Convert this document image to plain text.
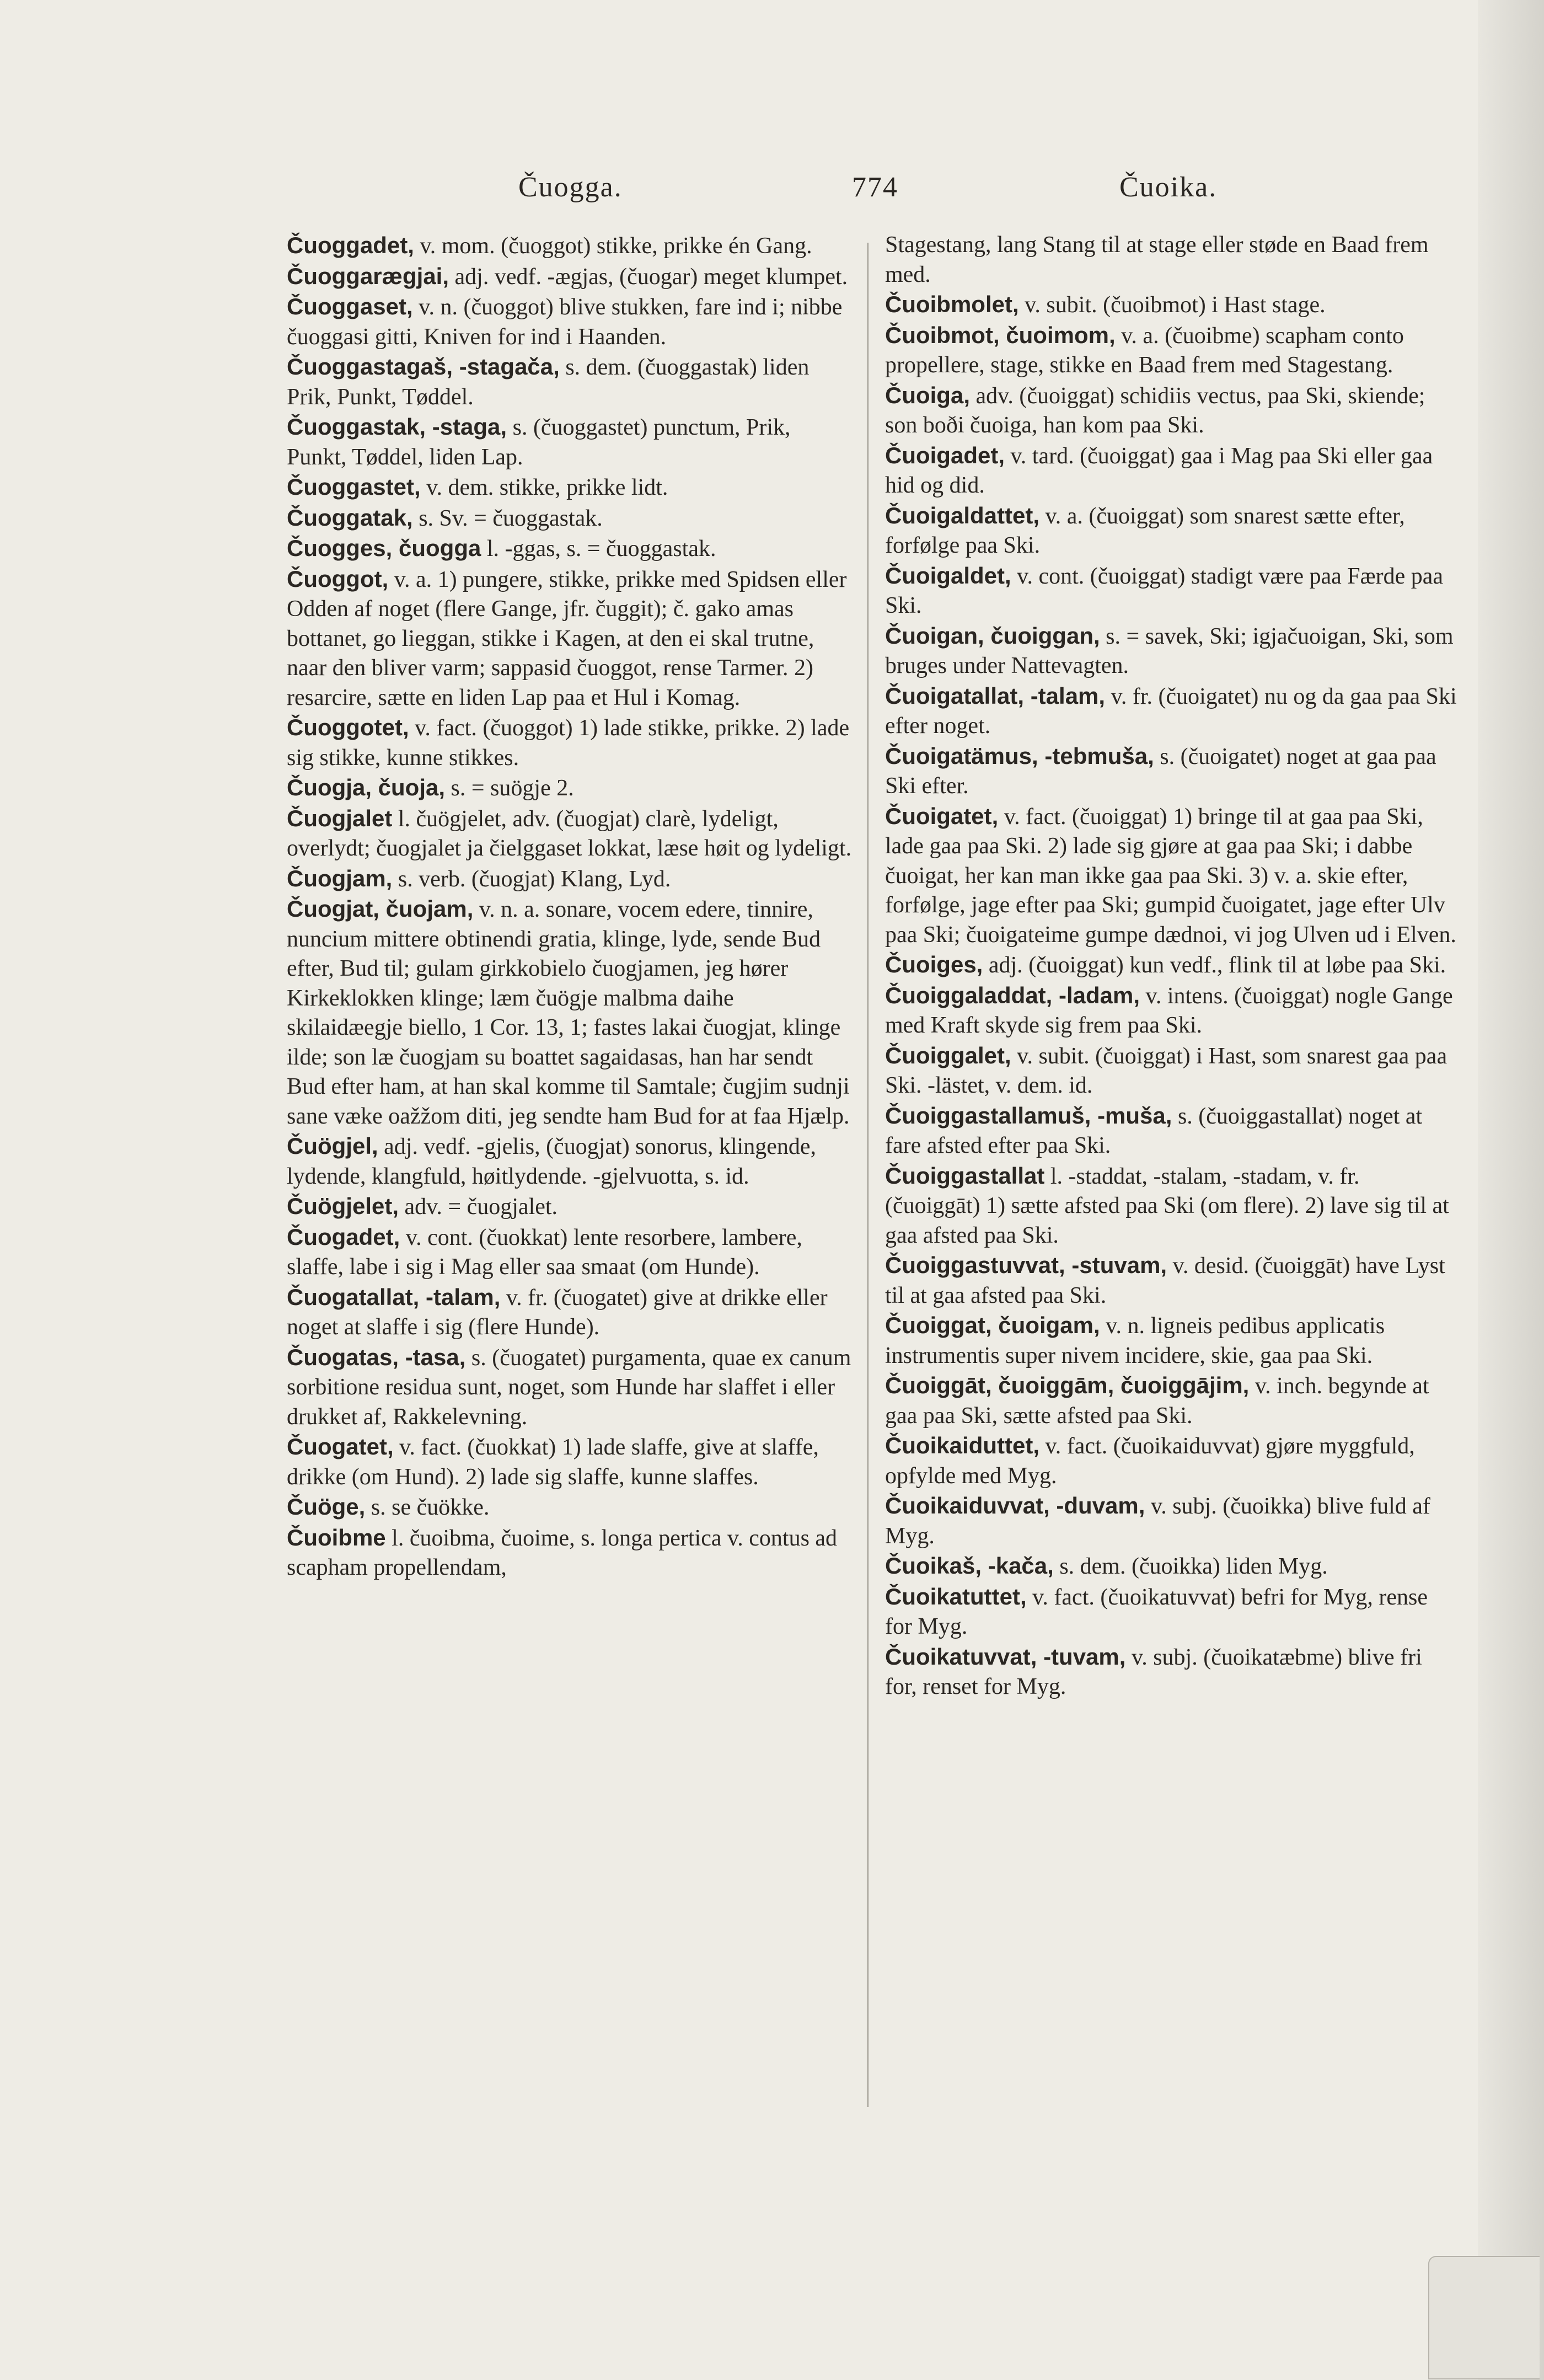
Čuogga.	774	Čuoika.

Čuoggadet, v. mom. (čuoggot) stikke, prikke én Gang.

Čuoggarægjai, adj. vedf. -ægjas, (čuogar) meget klumpet.

Čuoggaset, v. n. (čuoggot) blive stukken, fare ind i; nibbe čuoggasi gitti, Kniven for ind i Haanden.

Čuoggastagaš, -stagača, s. dem. (čuoggastak) liden Prik, Punkt, Tøddel.

Čuoggastak, -staga, s. (čuoggastet) punctum, Prik, Punkt, Tøddel, liden Lap.

Čuoggastet, v. dem. stikke, prikke lidt.

Čuoggatak, s. Sv. = čuoggastak.

Čuogges, čuogga l. -ggas, s. = čuoggastak.

Čuoggot, v. a. 1) pungere, stikke, prikke med Spidsen eller Odden af noget (flere Gange, jfr. čuggit); č. gako amas bottanet, go lieggan, stikke i Kagen, at den ei skal trutne, naar den bliver varm; sappasid čuoggot, rense Tarmer. 2) resarcire, sætte en liden Lap paa et Hul i Komag.

Čuoggotet, v. fact. (čuoggot) 1) lade stikke, prikke. 2) lade sig stikke, kunne stikkes.

Čuogja, čuoja, s. = suögje 2.

Čuogjalet l. čuögjelet, adv. (čuogjat) clarè, lydeligt, overlydt; čuogjalet ja čielggaset lokkat, læse høit og lydeligt.

Čuogjam, s. verb. (čuogjat) Klang, Lyd.

Čuogjat, čuojam, v. n. a. sonare, vocem edere, tinnire, nuncium mittere obtinendi gratia, klinge, lyde, sende Bud efter, Bud til; gulam girkkobielo čuogjamen, jeg hører Kirkeklokken klinge; læm čuögje malbma daihe skilaidæegje biello, 1 Cor. 13, 1; fastes lakai čuogjat, klinge ilde; son læ čuogjam su boattet sagaidasas, han har sendt Bud efter ham, at han skal komme til Samtale; čugjim sudnji sane væke oažžom diti, jeg sendte ham Bud for at faa Hjælp.

Čuögjel, adj. vedf. -gjelis, (čuogjat) sonorus, klingende, lydende, klangfuld, høitlydende. -gjelvuotta, s. id.

Čuögjelet, adv. = čuogjalet.

Čuogadet, v. cont. (čuokkat) lente resorbere, lambere, slaffe, labe i sig i Mag eller saa smaat (om Hunde).

Čuogatallat, -talam, v. fr. (čuogatet) give at drikke eller noget at slaffe i sig (flere Hunde).

Čuogatas, -tasa, s. (čuogatet) purgamenta, quae ex canum sorbitione residua sunt, noget, som Hunde har slaffet i eller drukket af, Rakkelevning.

Čuogatet, v. fact. (čuokkat) 1) lade slaffe, give at slaffe, drikke (om Hund). 2) lade sig slaffe, kunne slaffes.

Čuöge, s. se čuökke.

Čuoibme l. čuoibma, čuoime, s. longa pertica v. contus ad scapham propellendam,

Stagestang, lang Stang til at stage eller støde en Baad frem med.

Čuoibmolet, v. subit. (čuoibmot) i Hast stage.

Čuoibmot, čuoimom, v. a. (čuoibme) scapham conto propellere, stage, stikke en Baad frem med Stagestang.

Čuoiga, adv. (čuoiggat) schidiis vectus, paa Ski, skiende; son boði čuoiga, han kom paa Ski.

Čuoigadet, v. tard. (čuoiggat) gaa i Mag paa Ski eller gaa hid og did.

Čuoigaldattet, v. a. (čuoiggat) som snarest sætte efter, forfølge paa Ski.

Čuoigaldet, v. cont. (čuoiggat) stadigt være paa Færde paa Ski.

Čuoigan, čuoiggan, s. = savek, Ski; igjačuoigan, Ski, som bruges under Nattevagten.

Čuoigatallat, -talam, v. fr. (čuoigatet) nu og da gaa paa Ski efter noget.

Čuoigatämus, -tebmuša, s. (čuoigatet) noget at gaa paa Ski efter.

Čuoigatet, v. fact. (čuoiggat) 1) bringe til at gaa paa Ski, lade gaa paa Ski. 2) lade sig gjøre at gaa paa Ski; i dabbe čuoigat, her kan man ikke gaa paa Ski. 3) v. a. skie efter, forfølge, jage efter paa Ski; gumpid čuoigatet, jage efter Ulv paa Ski; čuoigateime gumpe dædnoi, vi jog Ulven ud i Elven.

Čuoiges, adj. (čuoiggat) kun vedf., flink til at løbe paa Ski.

Čuoiggaladdat, -ladam, v. intens. (čuoiggat) nogle Gange med Kraft skyde sig frem paa Ski.

Čuoiggalet, v. subit. (čuoiggat) i Hast, som snarest gaa paa Ski. -lästet, v. dem. id.

Čuoiggastallamuš, -muša, s. (čuoiggastallat) noget at fare afsted efter paa Ski.

Čuoiggastallat l. -staddat, -stalam, -stadam, v. fr. (čuoiggāt) 1) sætte afsted paa Ski (om flere). 2) lave sig til at gaa afsted paa Ski.

Čuoiggastuvvat, -stuvam, v. desid. (čuoiggāt) have Lyst til at gaa afsted paa Ski.

Čuoiggat, čuoigam, v. n. ligneis pedibus applicatis instrumentis super nivem incidere, skie, gaa paa Ski.

Čuoiggāt, čuoiggām, čuoiggājim, v. inch. begynde at gaa paa Ski, sætte afsted paa Ski.

Čuoikaiduttet, v. fact. (čuoikaiduvvat) gjøre myggfuld, opfylde med Myg.

Čuoikaiduvvat, -duvam, v. subj. (čuoikka) blive fuld af Myg.

Čuoikaš, -kača, s. dem. (čuoikka) liden Myg.

Čuoikatuttet, v. fact. (čuoikatuvvat) befri for Myg, rense for Myg.

Čuoikatuvvat, -tuvam, v. subj. (čuoikatæbme) blive fri for, renset for Myg.
